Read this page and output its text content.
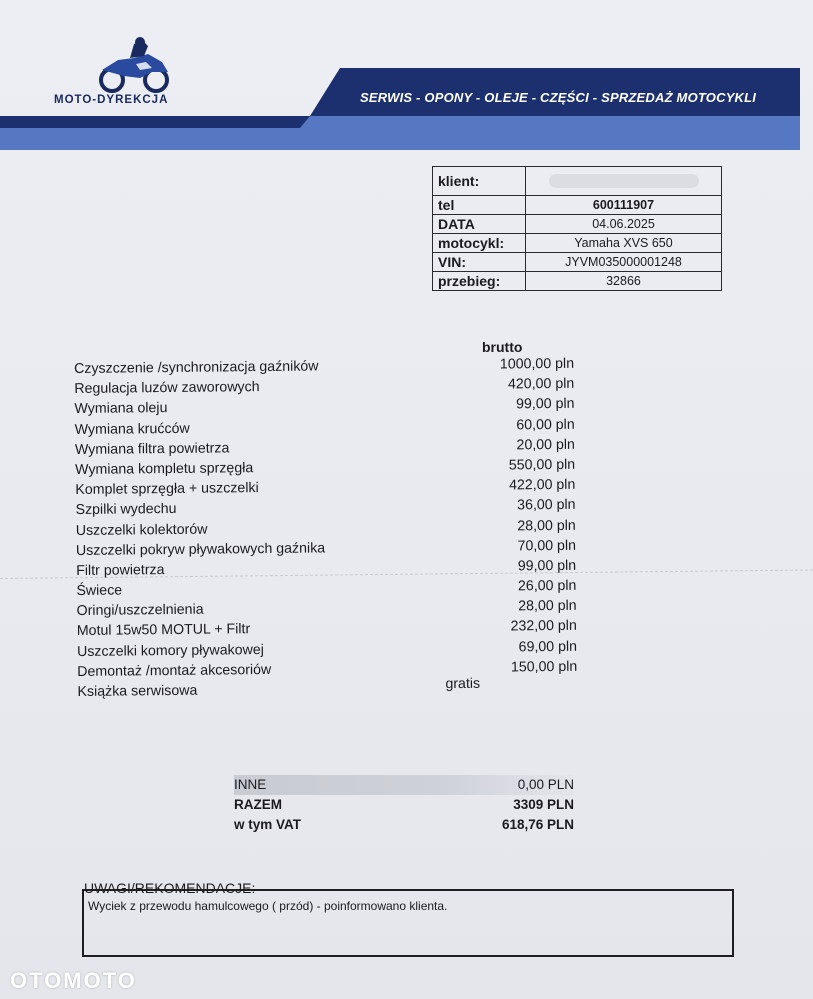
MOTO-DYREKCJA	SERWIS - OPONY - OLEJE - CZĘŚCI - SPRZEDAŻ MOTOCYKLI
klient:	
tel	600111907
DATA	04.06.2025
motocykl:	Yamaha XVS 650
VIN:	JYVM035000001248
przebieg:	32866
brutto
Czyszczenie /synchronizacja gaźników	1000,00 pln
Regulacja luzów zaworowych	420,00 pln
Wymiana oleju	99,00 pln
Wymiana krućców	60,00 pln
Wymiana filtra powietrza	20,00 pln
Wymiana kompletu sprzęgła	550,00 pln
Komplet sprzęgła + uszczelki	422,00 pln
Szpilki wydechu	36,00 pln
Uszczelki kolektorów	28,00 pln
Uszczelki pokryw pływakowych gaźnika	70,00 pln
Filtr powietrza	99,00 pln
Świece	26,00 pln
Oringi/uszczelnienia	28,00 pln
Motul 15w50 MOTUL + Filtr	232,00 pln
Uszczelki komory pływakowej	69,00 pln
Demontaż /montaż akcesoriów	150,00 pln
Książka serwisowa	gratis
INNE	0,00 PLN
RAZEM	3309 PLN
w tym VAT	618,76 PLN
UWAGI/REKOMENDACJE:
Wyciek z przewodu hamulcowego ( przód) - poinformowano klienta.
OTOMOTO
